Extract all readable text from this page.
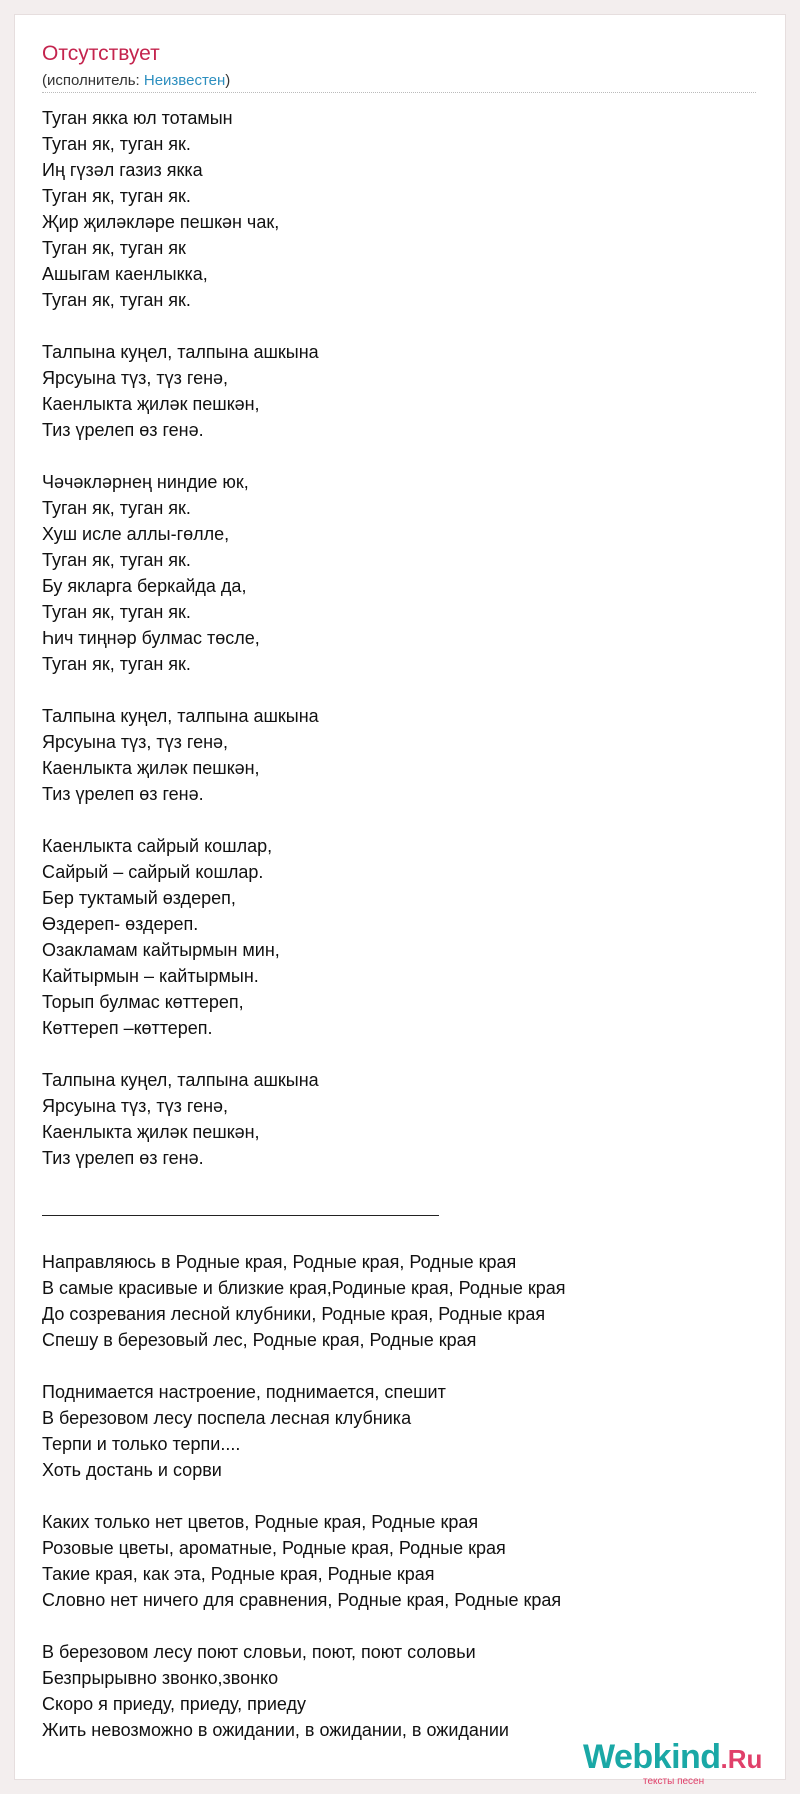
Отсутствует
(исполнитель: Неизвестен)
Туган якка юл тотамын
Туган як, туган як.
Иң гүзәл газиз якка
Туган як, туган як.
Җир җиләкләре пешкән чак,
Туган як, туган як
Ашыгам каенлыкка,
Туган як, туган як.
Талпына куңел, талпына ашкына
Ярсуына түз, түз генә,
Каенлыкта җиләк пешкән,
Тиз үрелеп өз генә.
Чәчәкләрнең ниндие юк,
Туган як, туган як.
Хуш исле аллы-гөлле,
Туган як, туган як.
Бу якларга беркайда да,
Туган як, туган як.
Һич тиңнәр булмас төсле,
Туган як, туган як.
Талпына куңел, талпына ашкына
Ярсуына түз, түз генә,
Каенлыкта җиләк пешкән,
Тиз үрелеп өз генә.
Каенлыкта сайрый кошлар,
Сайрый – сайрый кошлар.
Бер туктамый өздереп,
Өздереп- өздереп.
Озакламам кайтырмын мин,
Кайтырмын – кайтырмын.
Торып булмас көттереп,
Көттереп –көттереп.
Талпына куңел, талпына ашкына
Ярсуына түз, түз генә,
Каенлыкта җиләк пешкән,
Тиз үрелеп өз генә.
Направляюсь в Родные края, Родные края, Родные края
В самые красивые и близкие края,Родиные края, Родные края
До созревания лесной клубники, Родные края, Родные края
Спешу в березовый лес, Родные края, Родные края
Поднимается настроение, поднимается, спешит
В березовом лесу поспела лесная клубника
Терпи и только терпи....
Хоть достань и сорви
Каких только нет цветов, Родные края, Родные края
Розовые цветы, ароматные, Родные края, Родные края
Такие края, как эта, Родные края, Родные края
Словно нет ничего для сравнения, Родные края, Родные края
В березовом лесу поют словьи, поют, поют соловьи
Безпрырывно звонко,звонко
Скоро я приеду, приеду, приеду
Жить невозможно в ожидании, в ожидании, в ожидании
Webkind.Ru
тексты песен
